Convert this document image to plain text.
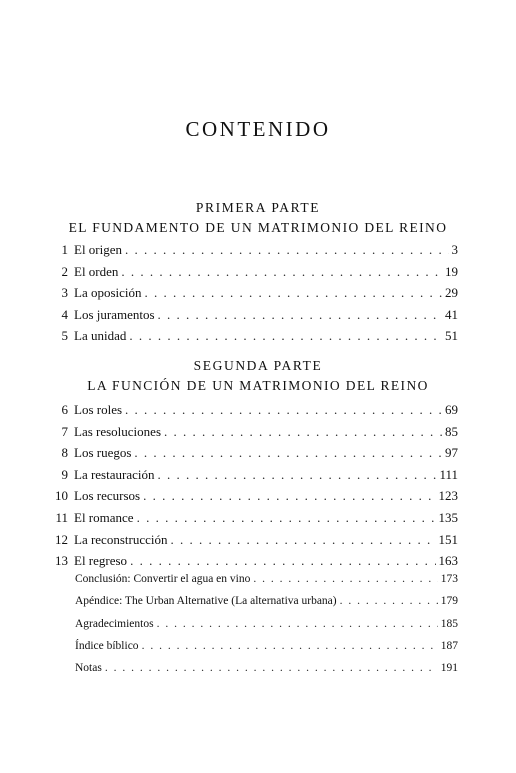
CONTENIDO
PRIMERA PARTE
EL FUNDAMENTO DE UN MATRIMONIO DEL REINO
1 El origen . . .	3
2 El orden . . .	19
3 La oposición . . .	29
4 Los juramentos . . .	41
5 La unidad . . .	51
SEGUNDA PARTE
LA FUNCIÓN DE UN MATRIMONIO DEL REINO
6 Los roles . . .	69
7 Las resoluciones . . .	85
8 Los ruegos . . .	97
9 La restauración . . .	111
10 Los recursos . . .	123
11 El romance . . .	135
12 La reconstrucción . . .	151
13 El regreso . . .	163
Conclusión: Convertir el agua en vino . . .	173
Apéndice: The Urban Alternative (La alternativa urbana) . . .	179
Agradecimientos . . .	185
Índice bíblico . . .	187
Notas . . .	191
